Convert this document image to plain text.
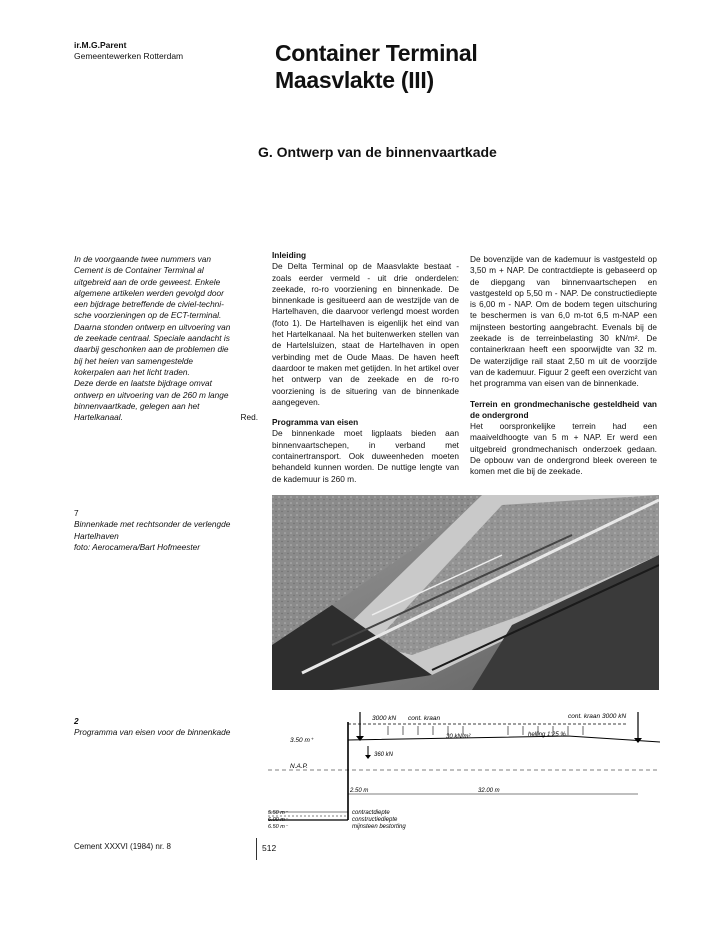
ir.M.G.Parent
Gemeentewerken Rotterdam	Container Terminal
Maasvlakte (III)
G. Ontwerp van de binnenvaartkade
In de voorgaande twee nummers van
Cement is de Container Terminal al
uitgebreid aan de orde geweest. Enkele
algemene artikelen werden gevolgd door
een bijdrage betreffende de civiel-techni-
sche voorzieningen op de ECT-terminal.
Daarna stonden ontwerp en uitvoering van
de zeekade centraal. Speciale aandacht is
daarbij geschonken aan de problemen die
bij het heien van samengestelde
kokerpalen aan het licht traden.
Deze derde en laatste bijdrage omvat
ontwerp en uitvoering van de 260 m lange
binnenvaartkade, gelegen aan het
Hartelkanaal.	Red.
Inleiding
De Delta Terminal op de Maasvlakte bestaat - zoals eerder vermeld - uit drie onderdelen: zeekade, ro-ro voorziening en binnenkade. De binnenkade is gesitueerd aan de westzijde van de Hartelhaven, die daarvoor verlengd moest worden (foto 1). De Hartelhaven is eigenlijk het eind van het Hartelkanaal. Na het buitenwerken stellen van de Hartelsluizen, staat de Hartelhaven in open verbinding met de Oude Maas. De haven heeft daardoor te maken met getijden. In het artikel over het ontwerp van de zeekade en de ro-ro voorziening is de situering van de binnenkade aangegeven.
Programma van eisen
De binnenkade moet ligplaats bieden aan binnenvaartschepen, in verband met containertransport. Ook duweenheden moeten behandeld kunnen worden. De nuttige lengte van de kademuur is 260 m.
De bovenzijde van de kademuur is vastgesteld op 3,50 m + NAP. De contractdiepte is gebaseerd op de diepgang van binnenvaartschepen en vastgesteld op 5,50 m - NAP. De constructiediepte is 6,00 m - NAP. Om de bodem tegen uitschuring te beschermen is van 6,0 m-tot 6,5 m-NAP een mijnsteen bestorting aangebracht. Evenals bij de zeekade is de terreinbelasting 30 kN/m². De containerkraan heeft een spoorwijdte van 32 m. De waterzijdige rail staat 2,50 m uit de voorzijde van de kademuur. Figuur 2 geeft een overzicht van het programma van eisen van de binnenkade.
Terrein en grondmechanische gesteldheid van de ondergrond
Het oorspronkelijke terrein had een maaiveldhoogte van 5 m + NAP. Er werd een uitgebreid grondmechanisch onderzoek gedaan. De opbouw van de ondergrond bleek overeen te komen met die bij de zeekade.
7
Binnenkade met rechtsonder de verlengde
Hartelhaven
foto: Aerocamera/Bart Hofmeester
2
Programma van eisen voor de binnenkade
3000 kN cont. kraan	cont. kraan 3000 kN
30 kN/m²	helling 1:25 %
3.50 m⁺
360 kN
N.A.P.
2.50 m	32.00 m
5.50 m⁻
6.00 m⁻
6.50 m⁻
contractdiepte
constructiediepte
mijnsteen bestorting
Cement XXXVI (1984) nr. 8	512
